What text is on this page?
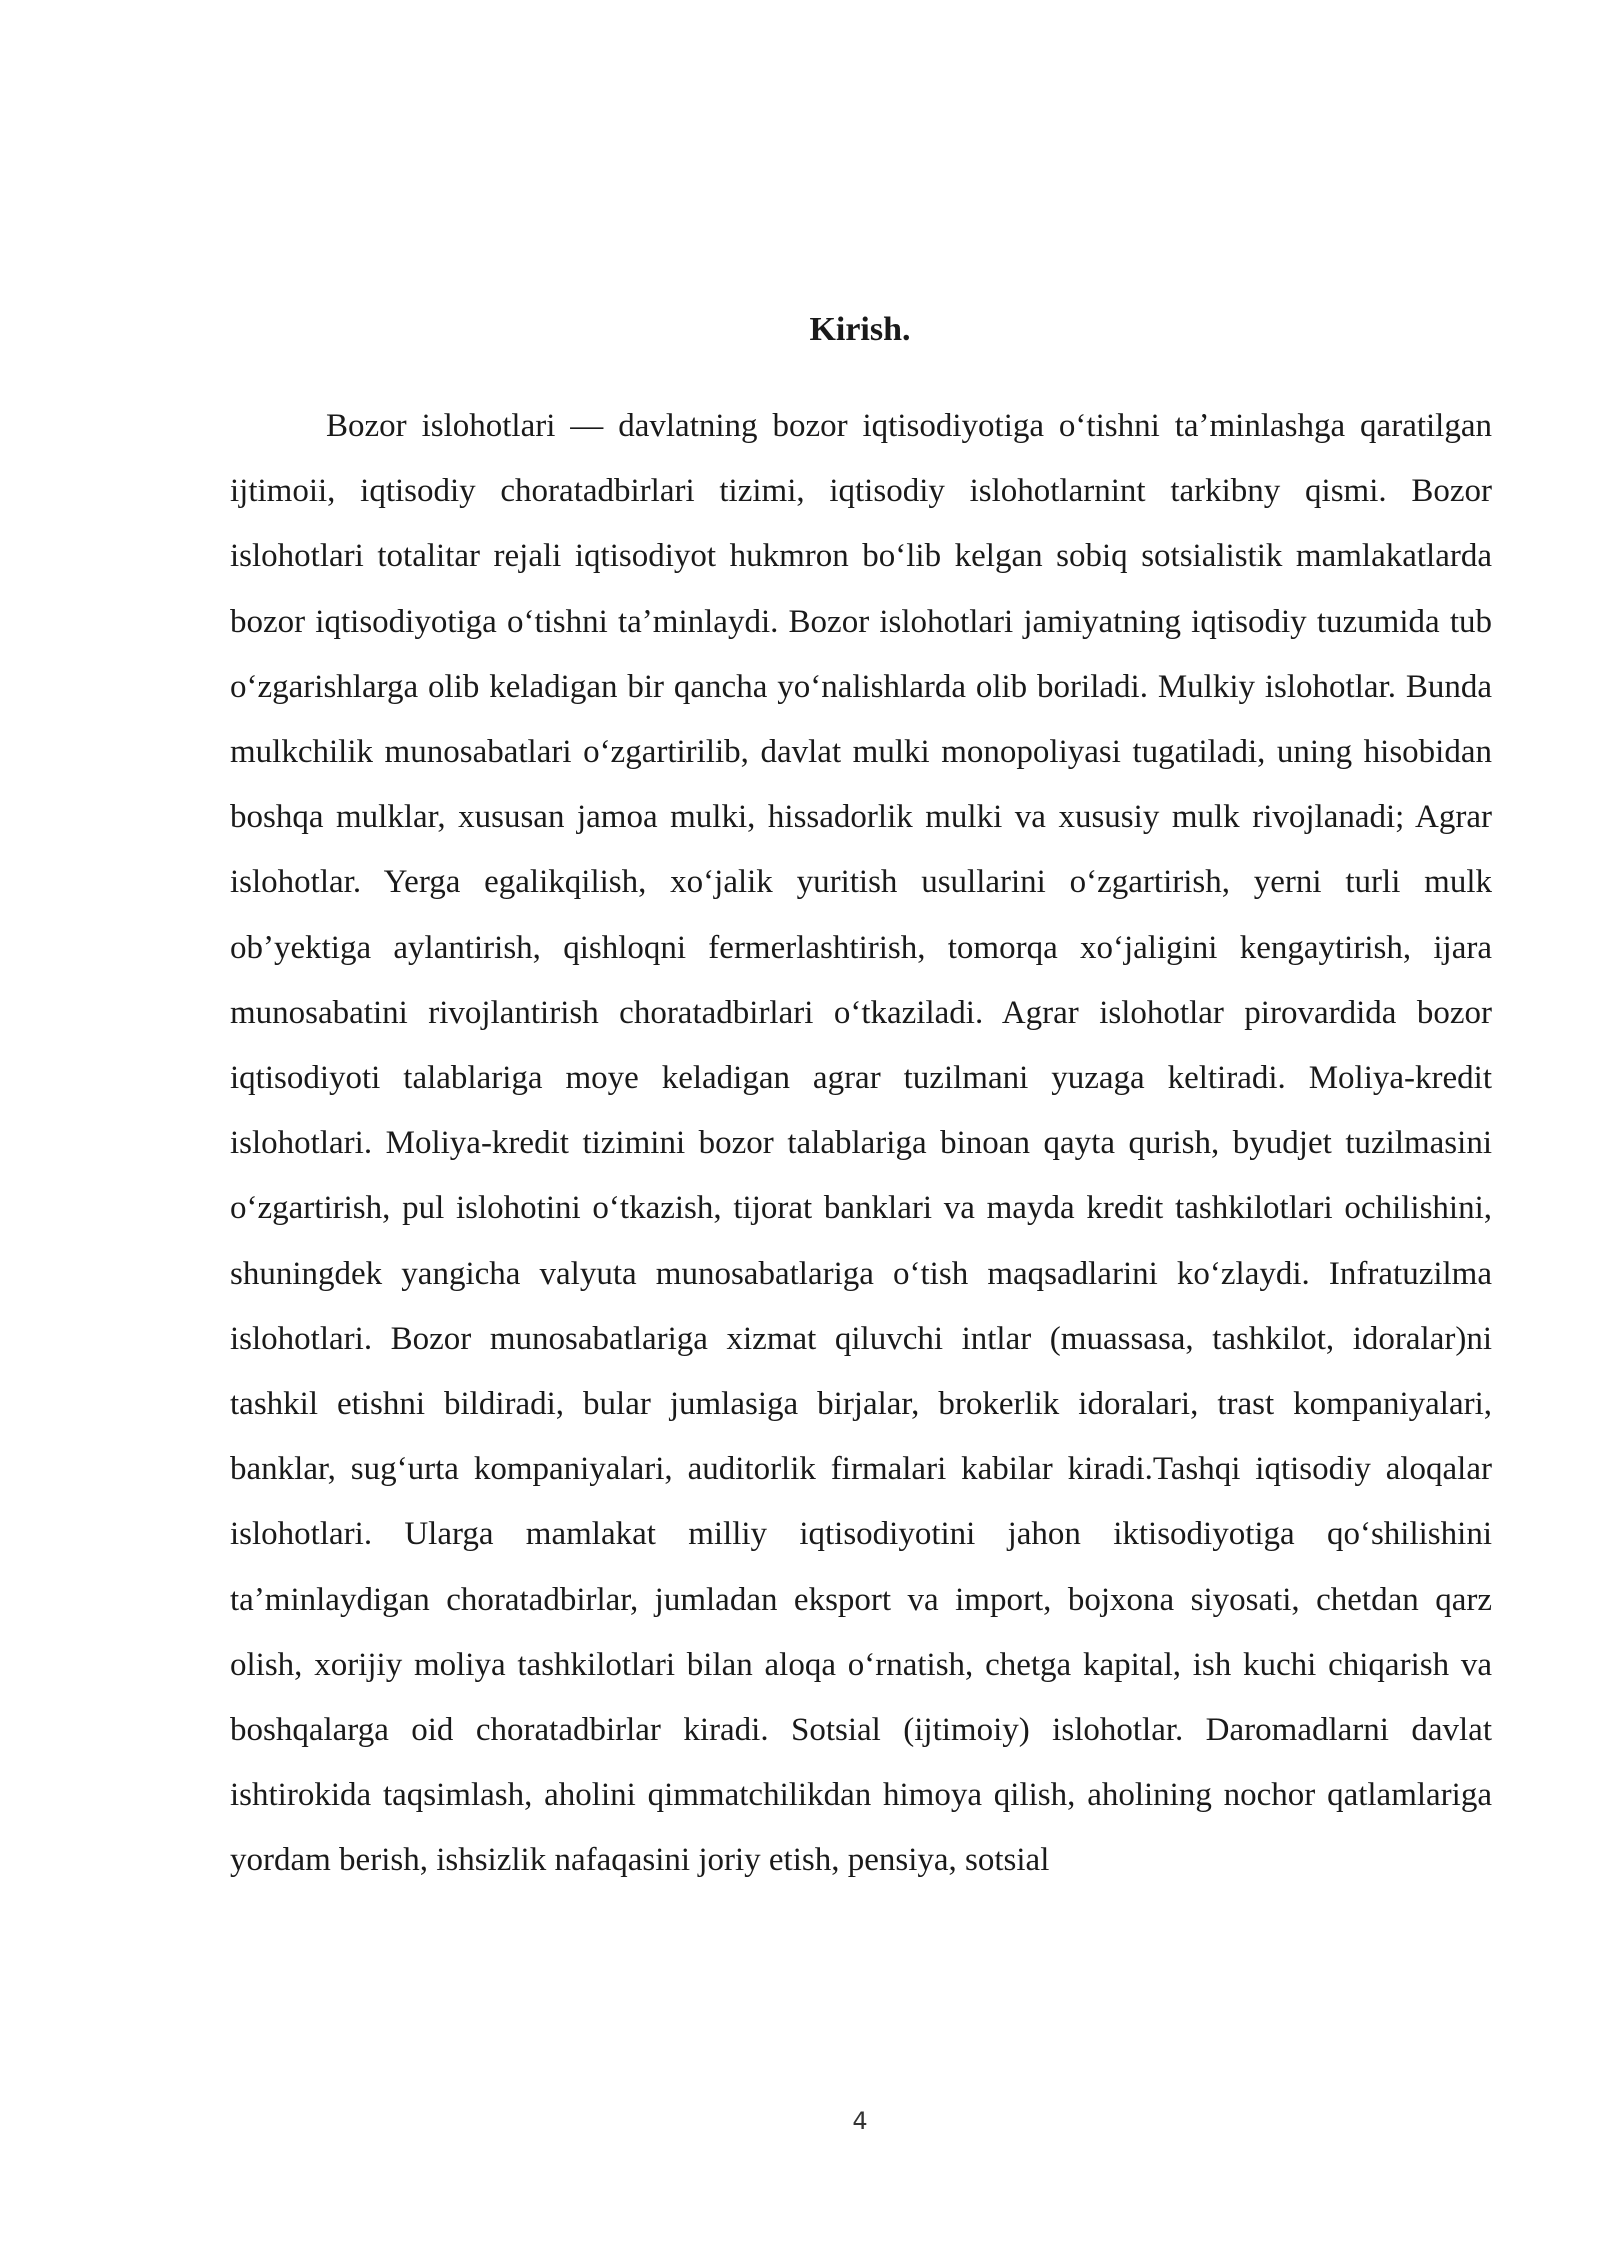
Kirish.

Bozor islohotlari — davlatning bozor iqtisodiyotiga oʻtishni taʼminlashga qaratilgan ijtimoii, iqtisodiy choratadbirlari tizimi, iqtisodiy islohotlarnint tarkibny qismi. Bozor islohotlari totalitar rejali iqtisodiyot hukmron boʻlib kelgan sobiq sotsialistik mamlakatlarda bozor iqtisodiyotiga oʻtishni taʼminlaydi. Bozor islohotlari jamiyatning iqtisodiy tuzumida tub oʻzgarishlarga olib keladigan bir qancha yoʻnalishlarda olib boriladi. Mulkiy islohotlar. Bunda mulkchilik munosabatlari oʻzgartirilib, davlat mulki monopoliyasi tugatiladi, uning hisobidan boshqa mulklar, xususan jamoa mulki, hissadorlik mulki va xususiy mulk rivojlanadi; Agrar islohotlar. Yerga egalikqilish, xoʻjalik yuritish usullarini oʻzgartirish, yerni turli mulk obʼyektiga aylantirish, qishloqni fermerlashtirish, tomorqa xoʻjaligini kengaytirish, ijara munosabatini rivojlantirish choratadbirlari oʻtkaziladi. Agrar islohotlar pirovardida bozor iqtisodiyoti talablariga moye keladigan agrar tuzilmani yuzaga keltiradi. Moliya-kredit islohotlari. Moliya-kredit tizimini bozor talablariga binoan qayta qurish, byudjet tuzilmasini oʻzgartirish, pul islohotini oʻtkazish, tijorat banklari va mayda kredit tashkilotlari ochilishini, shuningdek yangicha valyuta munosabatlariga oʻtish maqsadlarini koʻzlaydi. Infratuzilma islohotlari. Bozor munosabatlariga xizmat qiluvchi intlar (muassasa, tashkilot, idoralar)ni tashkil etishni bildiradi, bular jumlasiga birjalar, brokerlik idoralari, trast kompaniyalari, banklar, sugʻurta kompaniyalari, auditorlik firmalari kabilar kiradi.Tashqi iqtisodiy aloqalar islohotlari. Ularga mamlakat milliy iqtisodiyotini jahon iktisodiyotiga qoʻshilishini taʼminlaydigan choratadbirlar, jumladan eksport va import, bojxona siyosati, chetdan qarz olish, xorijiy moliya tashkilotlari bilan aloqa oʻrnatish, chetga kapital, ish kuchi chiqarish va boshqalarga oid choratadbirlar kiradi. Sotsial (ijtimoiy) islohotlar. Daromadlarni davlat ishtirokida taqsimlash, aholini qimmatchilikdan himoya qilish, aholining nochor qatlamlariga yordam berish, ishsizlik nafaqasini joriy etish, pensiya, sotsial

4
